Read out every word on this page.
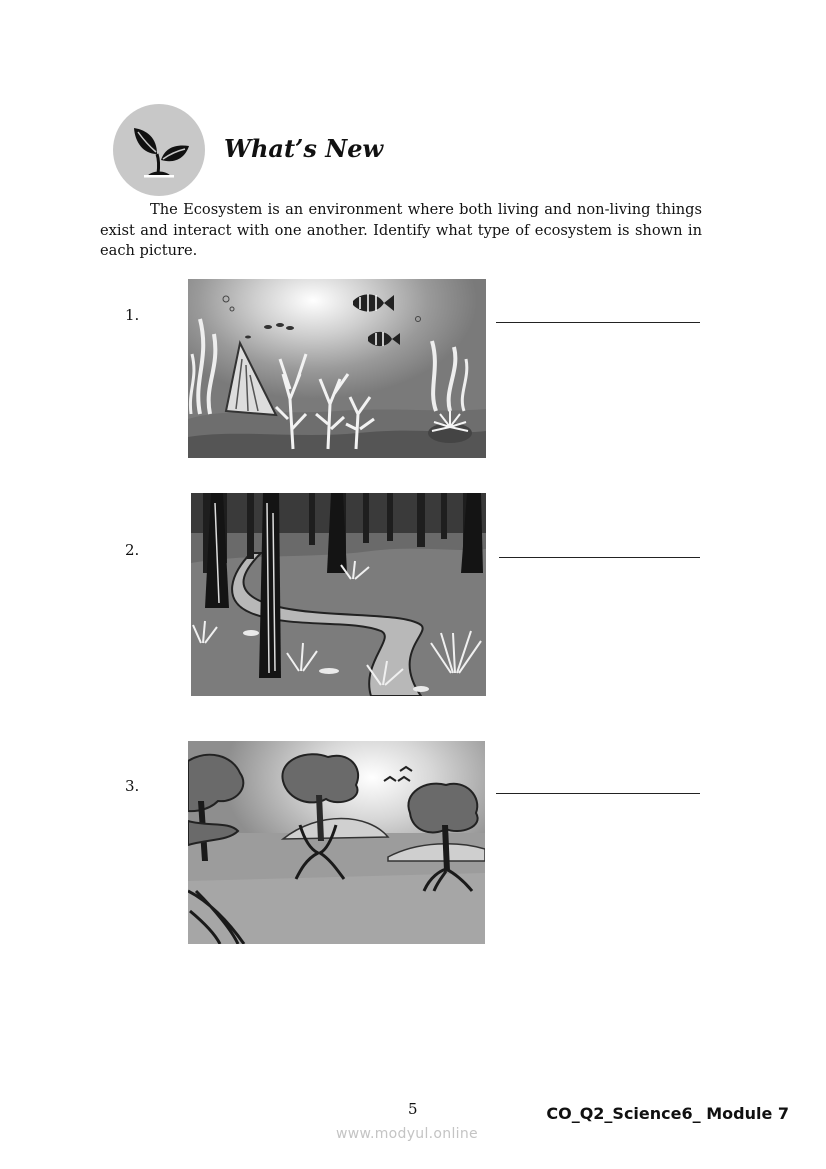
What’s New

The Ecosystem is an environment where both living and non-living things exist and interact with one another. Identify what type of ecosystem is shown in each picture.

1.
2.
3.
5	CO_Q2_Science6_ Module 7
www.modyul.online
